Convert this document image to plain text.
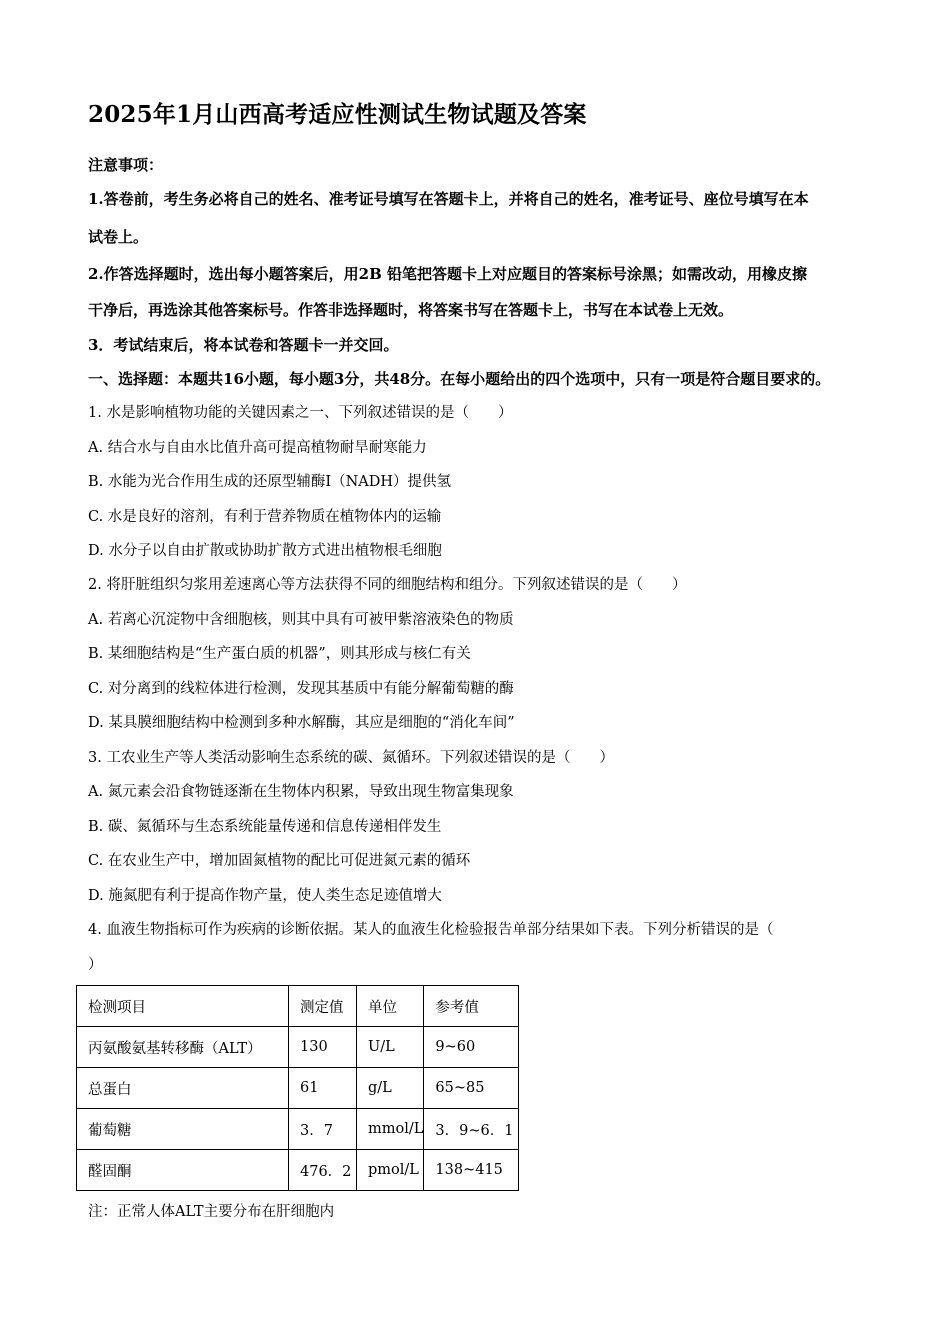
2025年1月山西高考适应性测试生物试题及答案
注意事项：
1.答卷前，考生务必将自己的姓名、准考证号填写在答题卡上，并将自己的姓名，准考证号、座位号填写在本
试卷上。
2.作答选择题时，选出每小题答案后，用2B 铅笔把答题卡上对应题目的答案标号涂黑；如需改动，用橡皮擦
干净后，再选涂其他答案标号。作答非选择题时，将答案书写在答题卡上，书写在本试卷上无效。
3．考试结束后，将本试卷和答题卡一并交回。
一、选择题：本题共16小题，每小题3分，共48分。在每小题给出的四个选项中，只有一项是符合题目要求的。
1. 水是影响植物功能的关键因素之一、下列叙述错误的是（　　）
A. 结合水与自由水比值升高可提高植物耐旱耐寒能力
B. 水能为光合作用生成的还原型辅酶Ⅰ（NADH）提供氢
C. 水是良好的溶剂，有利于营养物质在植物体内的运输
D. 水分子以自由扩散或协助扩散方式进出植物根毛细胞
2. 将肝脏组织匀浆用差速离心等方法获得不同的细胞结构和组分。下列叙述错误的是（　　）
A. 若离心沉淀物中含细胞核，则其中具有可被甲紫溶液染色的物质
B. 某细胞结构是“生产蛋白质的机器”，则其形成与核仁有关
C. 对分离到的线粒体进行检测，发现其基质中有能分解葡萄糖的酶
D. 某具膜细胞结构中检测到多种水解酶，其应是细胞的“消化车间”
3. 工农业生产等人类活动影响生态系统的碳、氮循环。下列叙述错误的是（　　）
A. 氮元素会沿食物链逐渐在生物体内积累，导致出现生物富集现象
B. 碳、氮循环与生态系统能量传递和信息传递相伴发生
C. 在农业生产中，增加固氮植物的配比可促进氮元素的循环
D. 施氮肥有利于提高作物产量，使人类生态足迹值增大
4. 血液生物指标可作为疾病的诊断依据。某人的血液生化检验报告单部分结果如下表。下列分析错误的是（
）
检测项目	测定值	单位	参考值
丙氨酸氨基转移酶（ALT）	130	U/L	9~60
总蛋白	61	g/L	65~85
葡萄糖	3．7	mmol/L	3．9~6．1
醛固酮	476．2	pmol/L	138~415
注：正常人体ALT主要分布在肝细胞内
